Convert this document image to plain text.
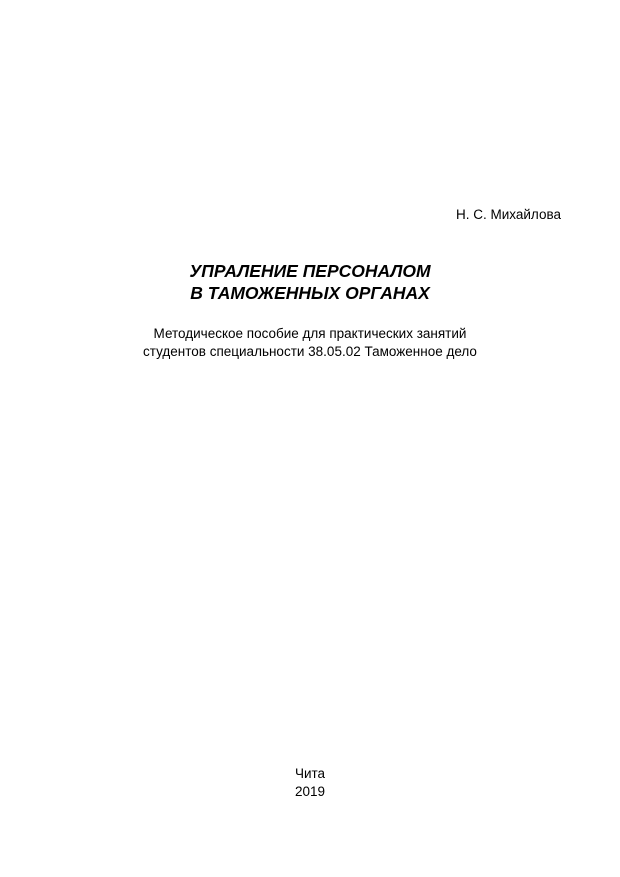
Н. С. Михайлова
УПРАЛЕНИЕ ПЕРСОНАЛОМ
В ТАМОЖЕННЫХ ОРГАНАХ
Методическое пособие для практических занятий
студентов специальности 38.05.02 Таможенное дело
Чита
2019
